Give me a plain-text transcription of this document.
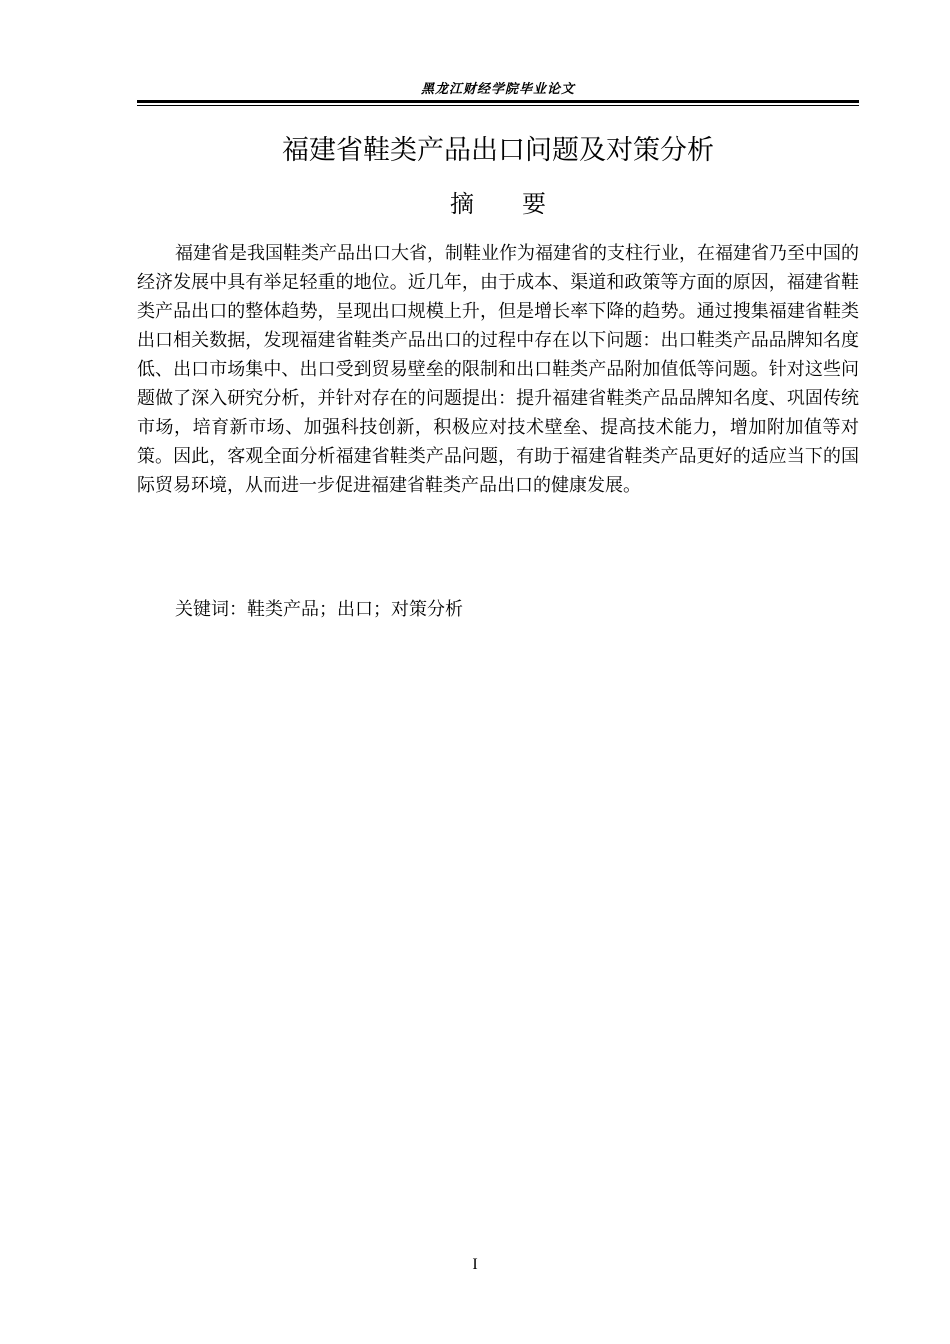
黑龙江财经学院毕业论文
福建省鞋类产品出口问题及对策分析
摘要

福建省是我国鞋类产品出口大省，制鞋业作为福建省的支柱行业，在福建省乃至中国的经济发展中具有举足轻重的地位。近几年，由于成本、渠道和政策等方面的原因，福建省鞋类产品出口的整体趋势，呈现出口规模上升，但是增长率下降的趋势。通过搜集福建省鞋类出口相关数据，发现福建省鞋类产品出口的过程中存在以下问题：出口鞋类产品品牌知名度低、出口市场集中、出口受到贸易壁垒的限制和出口鞋类产品附加值低等问题。针对这些问题做了深入研究分析，并针对存在的问题提出：提升福建省鞋类产品品牌知名度、巩固传统市场，培育新市场、加强科技创新，积极应对技术壁垒、提高技术能力，增加附加值等对策。因此，客观全面分析福建省鞋类产品问题，有助于福建省鞋类产品更好的适应当下的国际贸易环境，从而进一步促进福建省鞋类产品出口的健康发展。

关键词：鞋类产品；出口；对策分析
I
